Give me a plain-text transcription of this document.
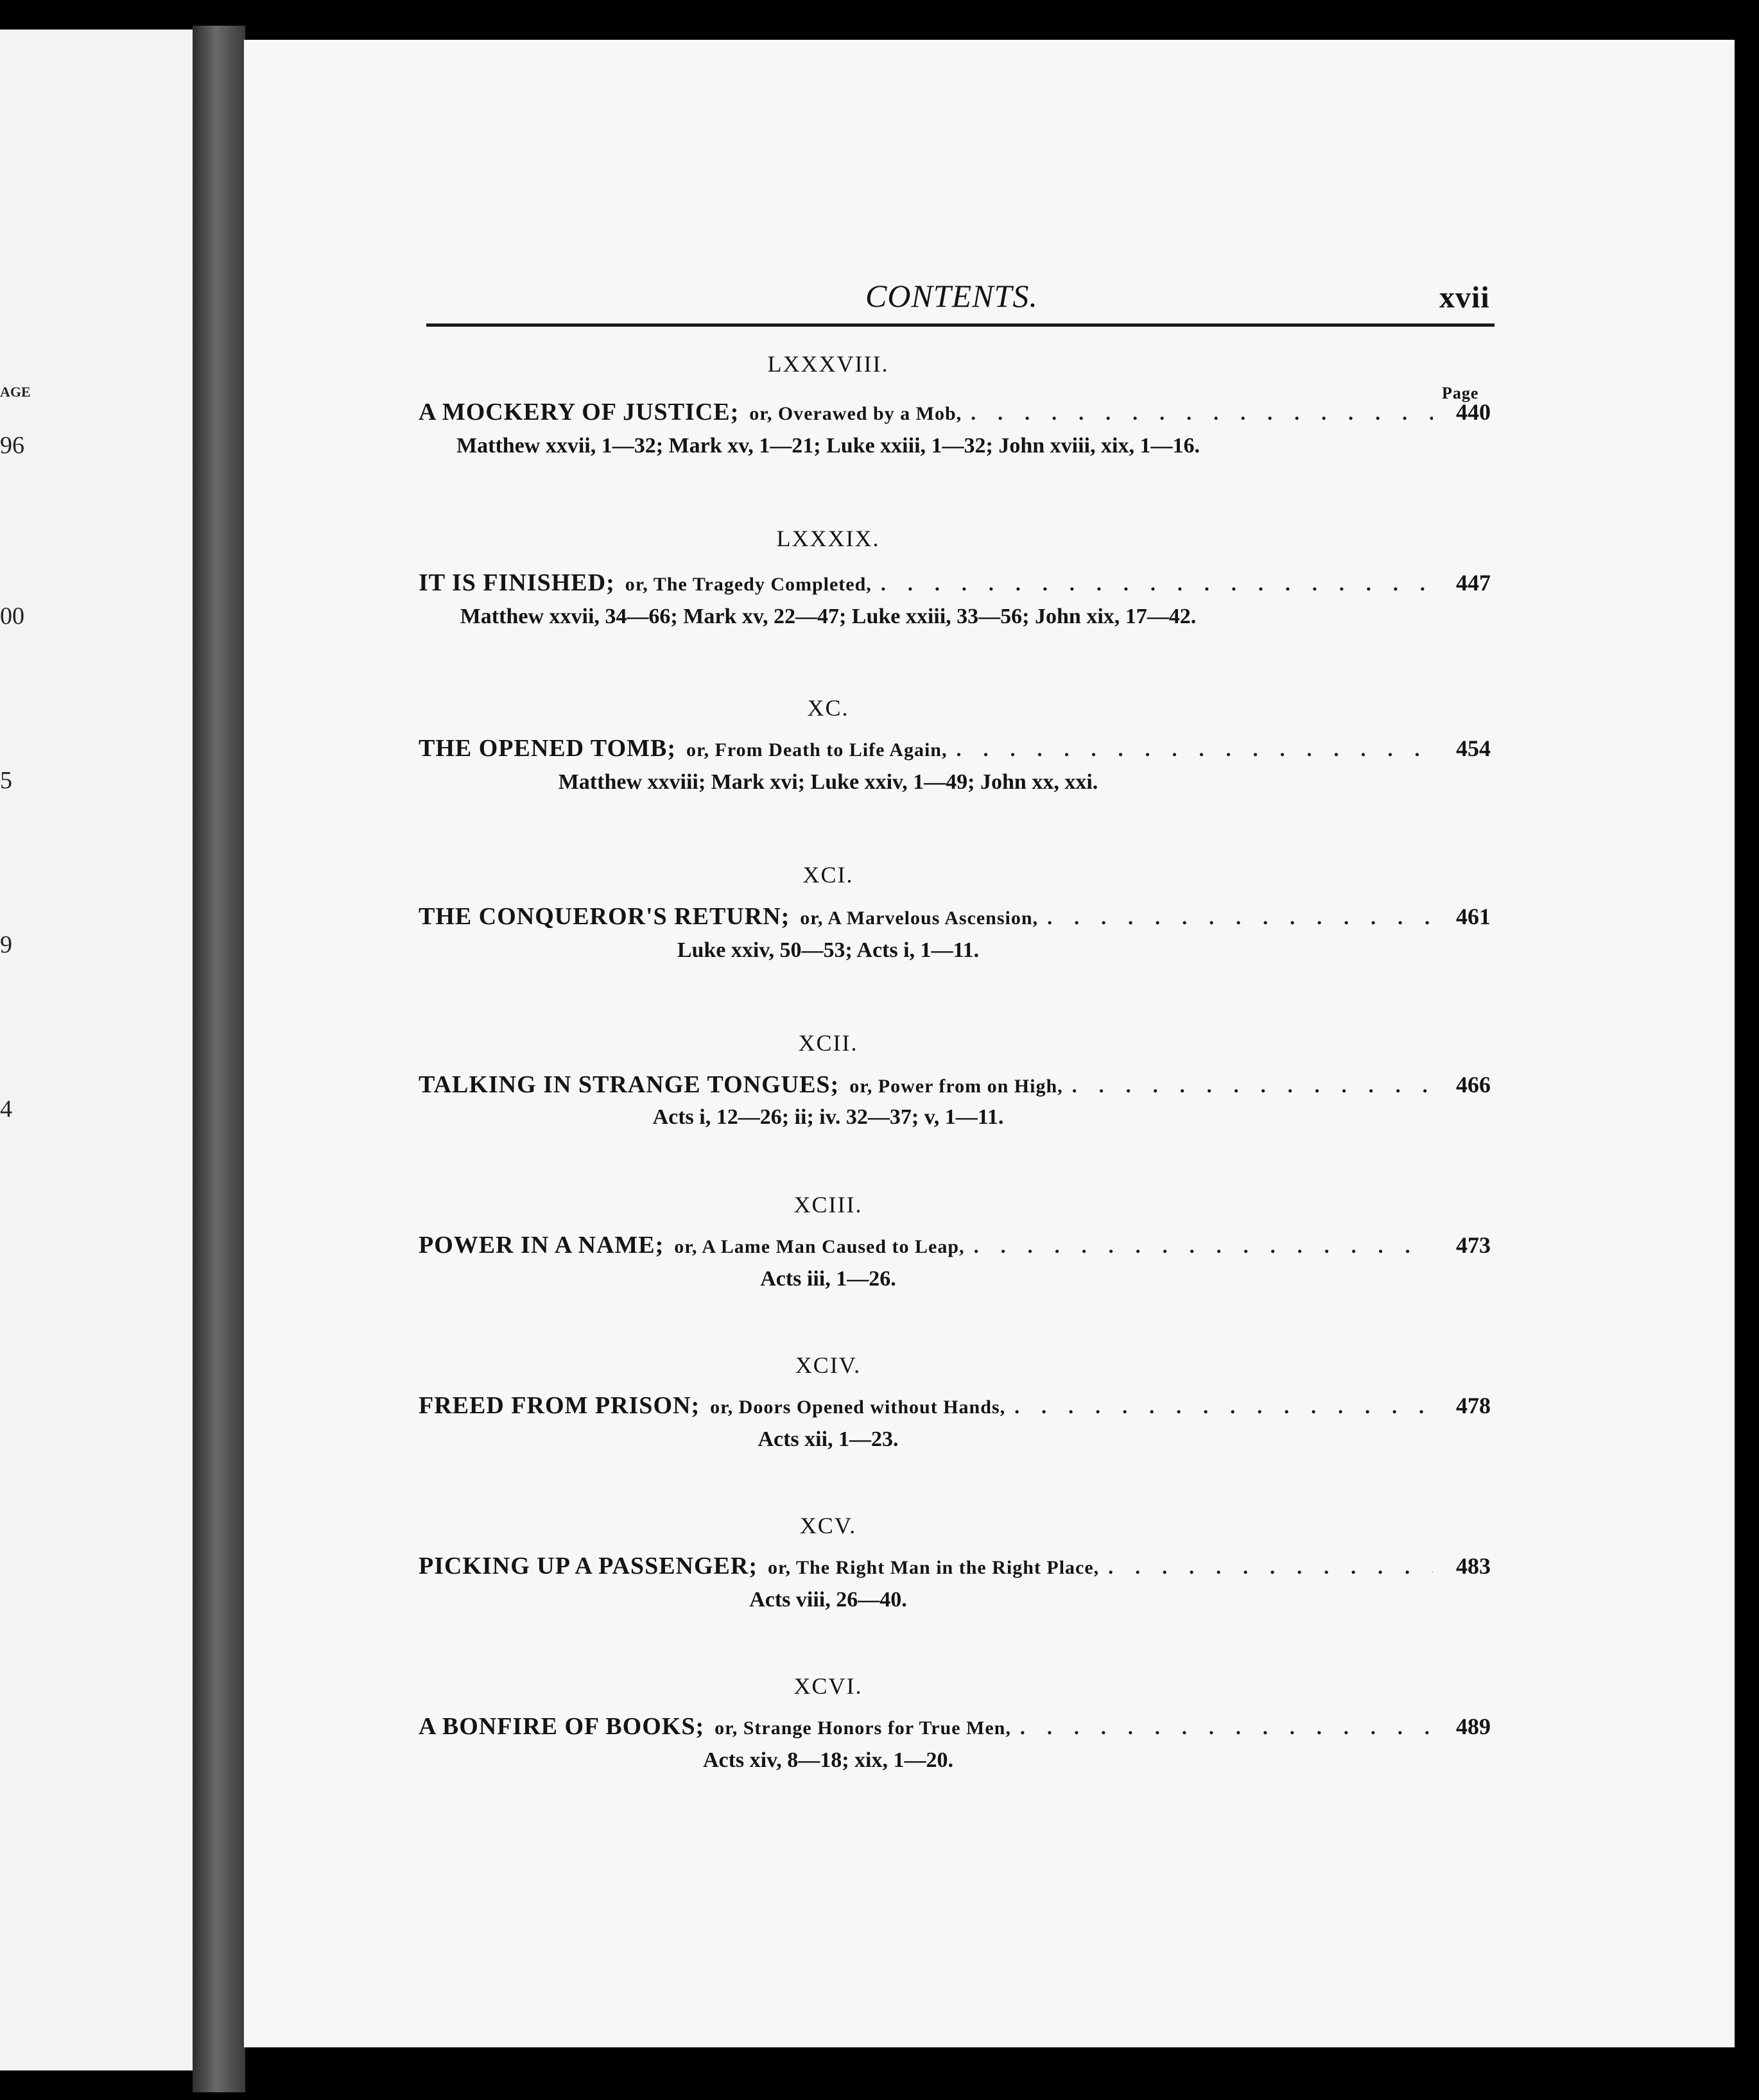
AGE
96
00
5
9
4
CONTENTS.	xvii
Page
LXXXVIII.
A MOCKERY OF JUSTICE; or, Overawed by a Mob, . . .	440
Matthew xxvii, 1—32; Mark xv, 1—21; Luke xxiii, 1—32; John xviii, xix, 1—16.
LXXXIX.
IT IS FINISHED; or, The Tragedy Completed, . . .	447
Matthew xxvii, 34—66; Mark xv, 22—47; Luke xxiii, 33—56; John xix, 17—42.
XC.
THE OPENED TOMB; or, From Death to Life Again, . . .	454
Matthew xxviii; Mark xvi; Luke xxiv, 1—49; John xx, xxi.
XCI.
THE CONQUEROR'S RETURN; or, A Marvelous Ascension, . . .	461
Luke xxiv, 50—53; Acts i, 1—11.
XCII.
TALKING IN STRANGE TONGUES; or, Power from on High, . . .	466
Acts i, 12—26; ii; iv. 32—37; v, 1—11.
XCIII.
POWER IN A NAME; or, A Lame Man Caused to Leap, . . .	473
Acts iii, 1—26.
XCIV.
FREED FROM PRISON; or, Doors Opened without Hands, . . .	478
Acts xii, 1—23.
XCV.
PICKING UP A PASSENGER; or, The Right Man in the Right Place, . . .	483
Acts viii, 26—40.
XCVI.
A BONFIRE OF BOOKS; or, Strange Honors for True Men, . . .	489
Acts xiv, 8—18; xix, 1—20.
